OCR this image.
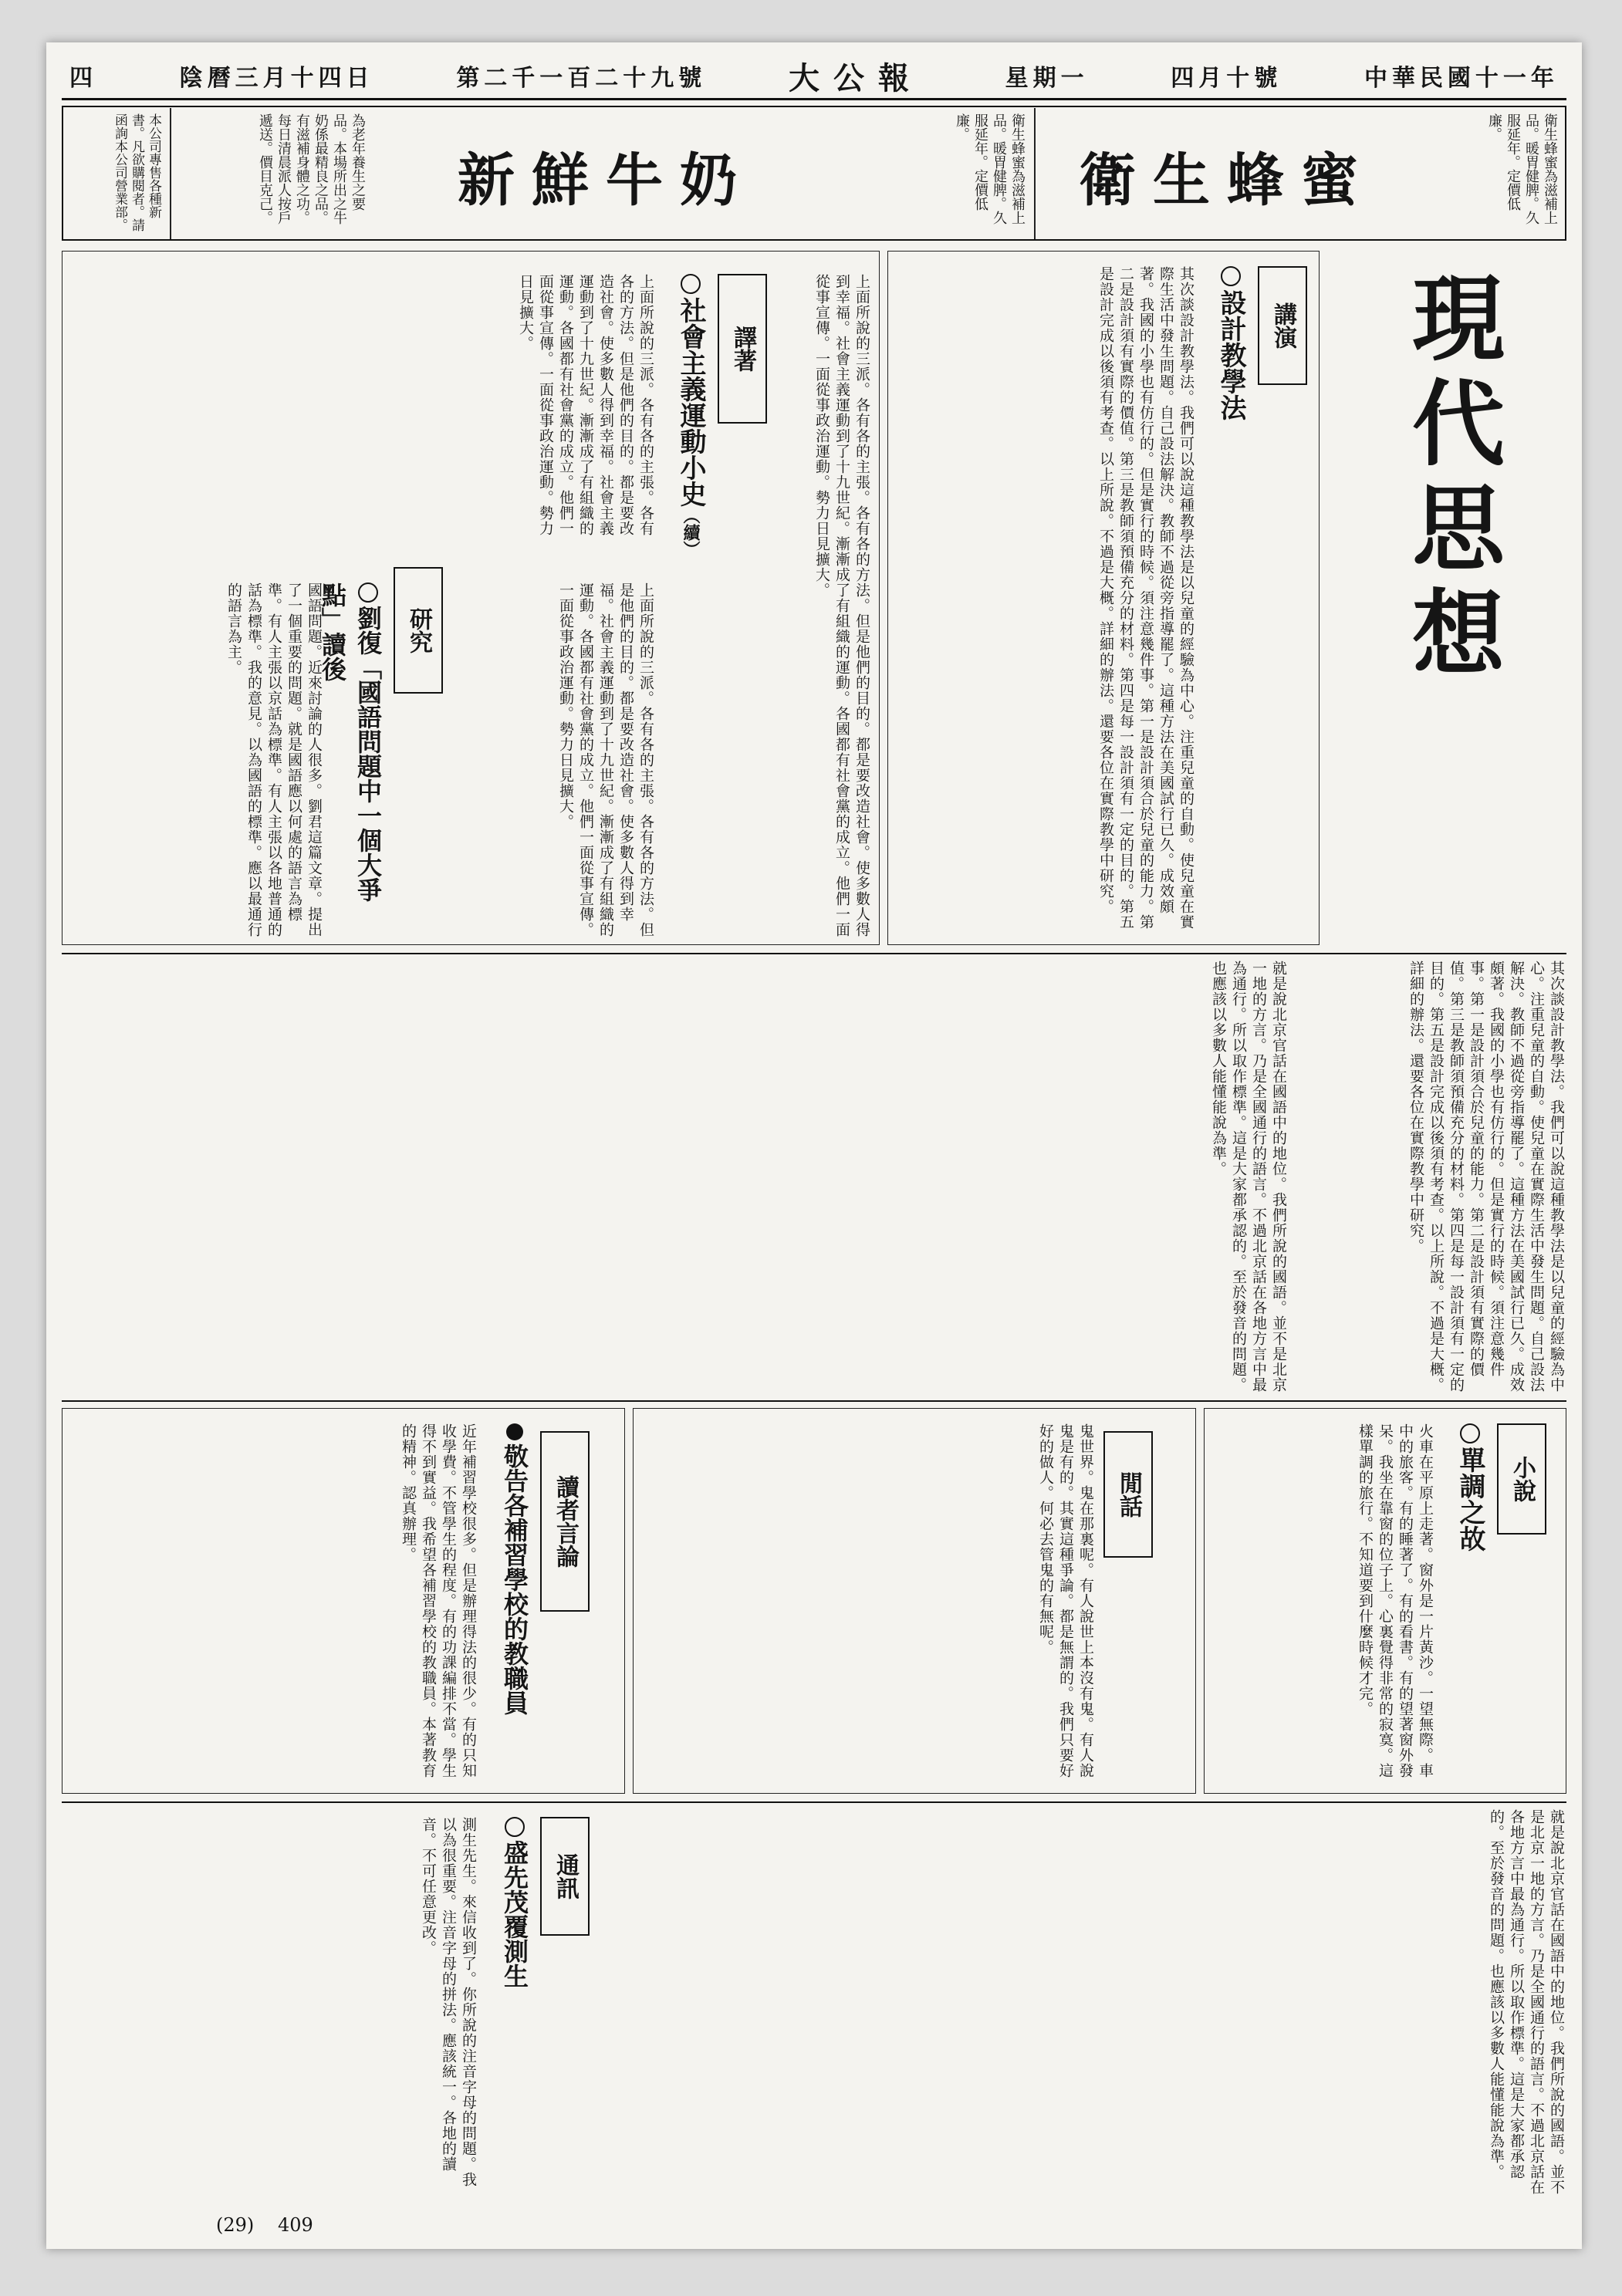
四	陰曆三月十四日	第二千一百二十九號	大公報	星期一	四月十號	中華民國十一年
本公司專售各種新書。凡欲購閱者。請函詢本公司營業部。	為老年養生之要品。本場所出之牛奶係最精良之品。有滋補身體之功。每日清晨派人按戶遞送。價目克己。	新鮮牛奶	衛生蜂蜜為滋補上品。暖胃健脾。久服延年。定價低廉。
衛生蜂蜜	衛生蜂蜜為滋補上品。暖胃健脾。久服延年。定價低廉。
現代思想
講演
設計教學法
其次談設計教學法。我們可以說這種教學法是以兒童的經驗為中心。注重兒童的自動。使兒童在實際生活中發生問題。自己設法解決。教師不過從旁指導罷了。這種方法在美國試行已久。成效頗著。我國的小學也有仿行的。但是實行的時候。須注意幾件事。第一是設計須合於兒童的能力。第二是設計須有實際的價值。第三是教師須預備充分的材料。第四是每一設計須有一定的目的。第五是設計完成以後須有考查。以上所說。不過是大概。詳細的辦法。還要各位在實際教學中研究。
譯著
社會主義運動小史（續）
上面所說的三派。各有各的主張。各有各的方法。但是他們的目的。都是要改造社會。使多數人得到幸福。社會主義運動到了十九世紀。漸漸成了有組織的運動。各國都有社會黨的成立。他們一面從事宣傳。一面從事政治運動。勢力日見擴大。	上面所說的三派。各有各的主張。各有各的方法。但是他們的目的。都是要改造社會。使多數人得到幸福。社會主義運動到了十九世紀。漸漸成了有組織的運動。各國都有社會黨的成立。他們一面從事宣傳。一面從事政治運動。勢力日見擴大。
研究
劉復「國語問題中一個大爭點」讀後
國語問題。近來討論的人很多。劉君這篇文章。提出了一個重要的問題。就是國語應以何處的語言為標準。有人主張以京話為標準。有人主張以各地普通的話為標準。我的意見。以為國語的標準。應以最通行的語言為主。	上面所說的三派。各有各的主張。各有各的方法。但是他們的目的。都是要改造社會。使多數人得到幸福。社會主義運動到了十九世紀。漸漸成了有組織的運動。各國都有社會黨的成立。他們一面從事宣傳。一面從事政治運動。勢力日見擴大。
就是說北京官話在國語中的地位。我們所說的國語。並不是北京一地的方言。乃是全國通行的語言。不過北京話在各地方言中最為通行。所以取作標準。這是大家都承認的。至於發音的問題。也應該以多數人能懂能說為準。	其次談設計教學法。我們可以說這種教學法是以兒童的經驗為中心。注重兒童的自動。使兒童在實際生活中發生問題。自己設法解決。教師不過從旁指導罷了。這種方法在美國試行已久。成效頗著。我國的小學也有仿行的。但是實行的時候。須注意幾件事。第一是設計須合於兒童的能力。第二是設計須有實際的價值。第三是教師須預備充分的材料。第四是每一設計須有一定的目的。第五是設計完成以後須有考查。以上所說。不過是大概。詳細的辦法。還要各位在實際教學中研究。
小說
單調之故
火車在平原上走著。窗外是一片黃沙。一望無際。車中的旅客。有的睡著了。有的看書。有的望著窗外發呆。我坐在靠窗的位子上。心裏覺得非常的寂寞。這樣單調的旅行。不知道要到什麼時候才完。
閒話
鬼世界。鬼在那裏呢。有人說世上本沒有鬼。有人說鬼是有的。其實這種爭論。都是無謂的。我們只要好好的做人。何必去管鬼的有無呢。
讀者言論
敬告各補習學校的教職員
近年補習學校很多。但是辦理得法的很少。有的只知收學費。不管學生的程度。有的功課編排不當。學生得不到實益。我希望各補習學校的教職員。本著教育的精神。認真辦理。
就是說北京官話在國語中的地位。我們所說的國語。並不是北京一地的方言。乃是全國通行的語言。不過北京話在各地方言中最為通行。所以取作標準。這是大家都承認的。至於發音的問題。也應該以多數人能懂能說為準。
通訊
盛先茂覆測生
測生先生。來信收到了。你所說的注音字母的問題。我以為很重要。注音字母的拼法。應該統一。各地的讀音。不可任意更改。
(29) 409
